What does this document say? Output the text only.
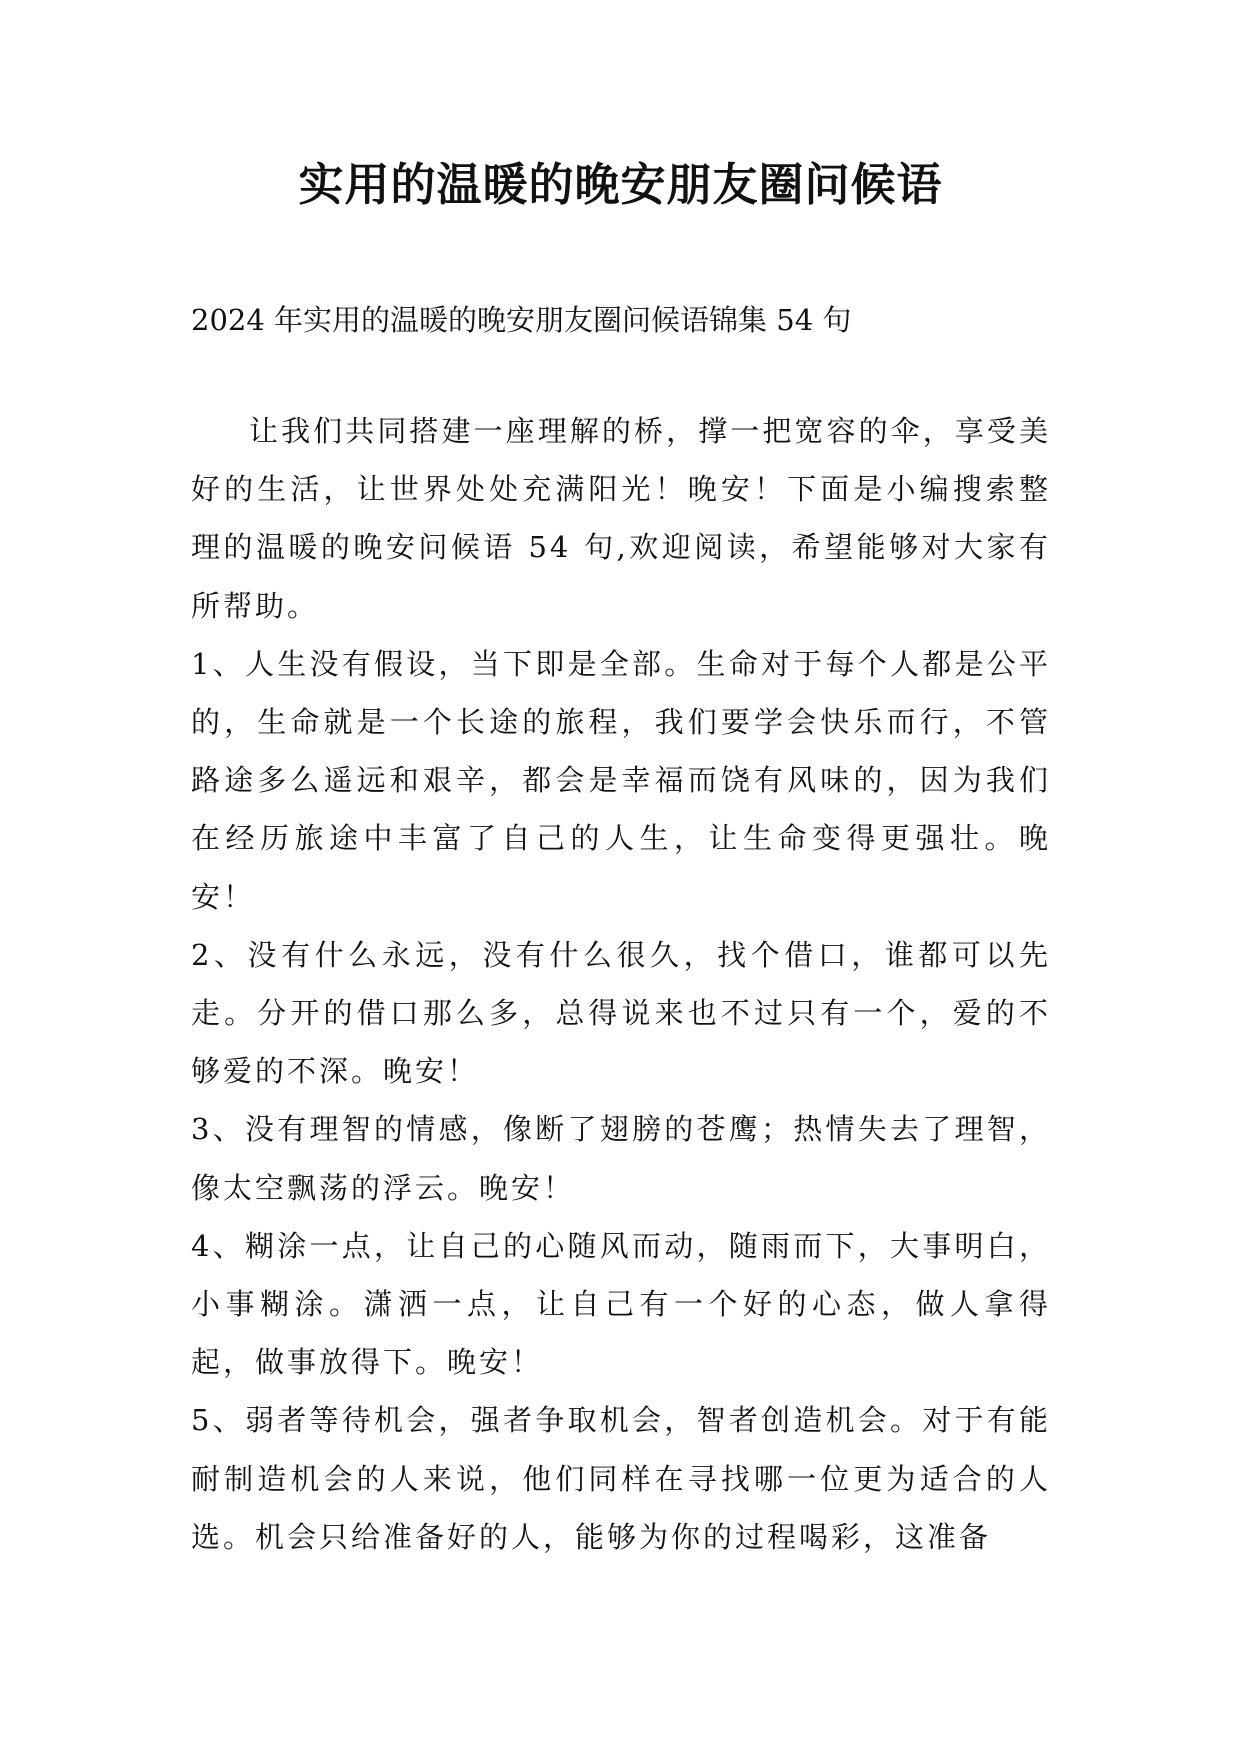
实用的温暖的晚安朋友圈问候语
2024 年实用的温暖的晚安朋友圈问候语锦集 54 句

让我们共同搭建一座理解的桥，撑一把宽容的伞，享受美好的生活，让世界处处充满阳光！晚安！下面是小编搜索整理的温暖的晚安问候语 54 句,欢迎阅读，希望能够对大家有所帮助。

1、人生没有假设，当下即是全部。生命对于每个人都是公平的，生命就是一个长途的旅程，我们要学会快乐而行，不管路途多么遥远和艰辛，都会是幸福而饶有风味的，因为我们在经历旅途中丰富了自己的人生，让生命变得更强壮。晚安！

2、没有什么永远，没有什么很久，找个借口，谁都可以先走。分开的借口那么多，总得说来也不过只有一个，爱的不够爱的不深。晚安！

3、没有理智的情感，像断了翅膀的苍鹰；热情失去了理智，像太空飘荡的浮云。晚安！

4、糊涂一点，让自己的心随风而动，随雨而下，大事明白，小事糊涂。潇洒一点，让自己有一个好的心态，做人拿得起，做事放得下。晚安！

5、弱者等待机会，强者争取机会，智者创造机会。对于有能耐制造机会的人来说，他们同样在寻找哪一位更为适合的人选。机会只给准备好的人，能够为你的过程喝彩，这准备
